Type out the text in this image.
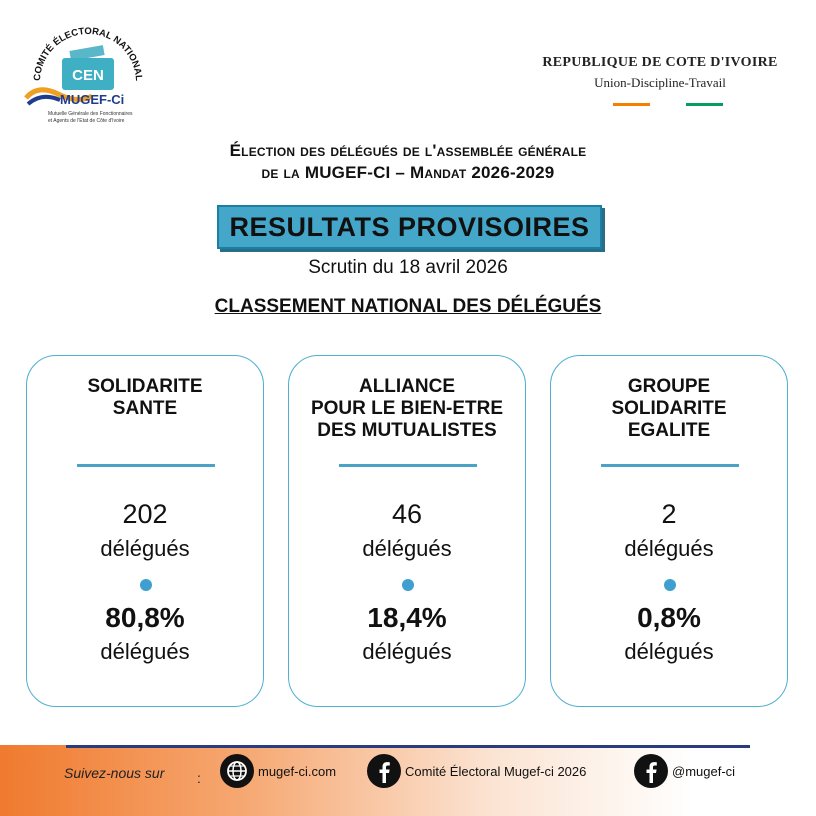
COMITÉ ÉLECTORAL NATIONAL
CEN
MUGEF-Ci
Mutuelle Générale des Fonctionnaires
et Agents de l'Etat de Côte d'Ivoire
REPUBLIQUE DE COTE D'IVOIRE
Union-Discipline-Travail
Élection des délégués de l'assemblée générale
de la MUGEF-CI – Mandat 2026-2029
RESULTATS PROVISOIRES
Scrutin du 18 avril 2026
CLASSEMENT NATIONAL DES DÉLÉGUÉS
SOLIDARITE
SANTE
202
délégués
80,8%
délégués
ALLIANCE
POUR LE BIEN-ETRE
DES MUTUALISTES
46
délégués
18,4%
délégués
GROUPE
SOLIDARITE
EGALITE
2
délégués
0,8%
délégués
Suivez-nous sur :	mugef-ci.com	Comité Électoral Mugef-ci 2026	@mugef-ci
